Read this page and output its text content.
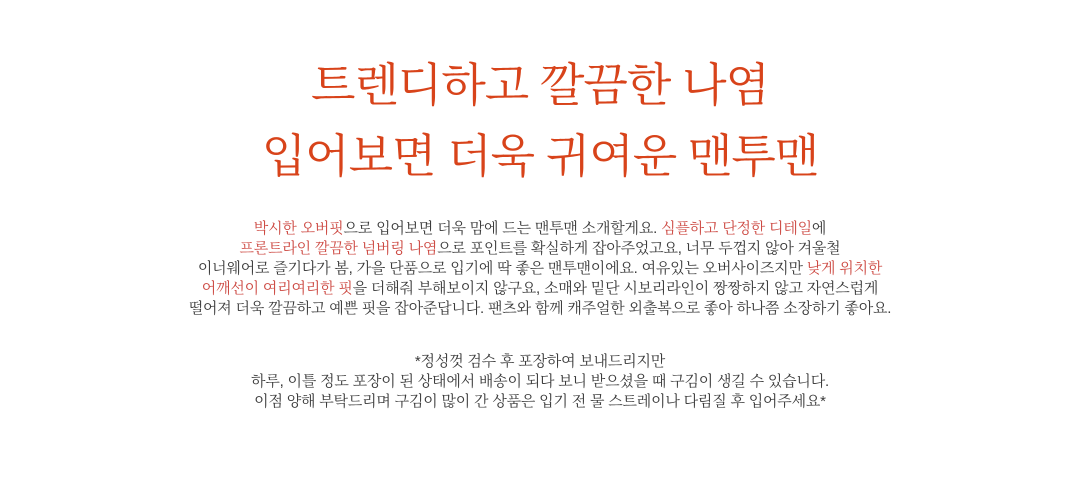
트렌디하고 깔끔한 나염
입어보면 더욱 귀여운 맨투맨

박시한 오버핏으로 입어보면 더욱 맘에 드는 맨투맨 소개할게요. 심플하고 단정한 디테일에
프론트라인 깔끔한 넘버링 나염으로 포인트를 확실하게 잡아주었고요, 너무 두껍지 않아 겨울철
이너웨어로 즐기다가 봄, 가을 단품으로 입기에 딱 좋은 맨투맨이에요. 여유있는 오버사이즈지만 낮게 위치한
어깨선이 여리여리한 핏을 더해줘 부해보이지 않구요, 소매와 밑단 시보리라인이 짱짱하지 않고 자연스럽게
떨어져 더욱 깔끔하고 예쁜 핏을 잡아준답니다. 팬츠와 함께 캐주얼한 외출복으로 좋아 하나쯤 소장하기 좋아요.

*정성껏 검수 후 포장하여 보내드리지만
하루, 이틀 정도 포장이 된 상태에서 배송이 되다 보니 받으셨을 때 구김이 생길 수 있습니다.
이점 양해 부탁드리며 구김이 많이 간 상품은 입기 전 물 스트레이나 다림질 후 입어주세요*
